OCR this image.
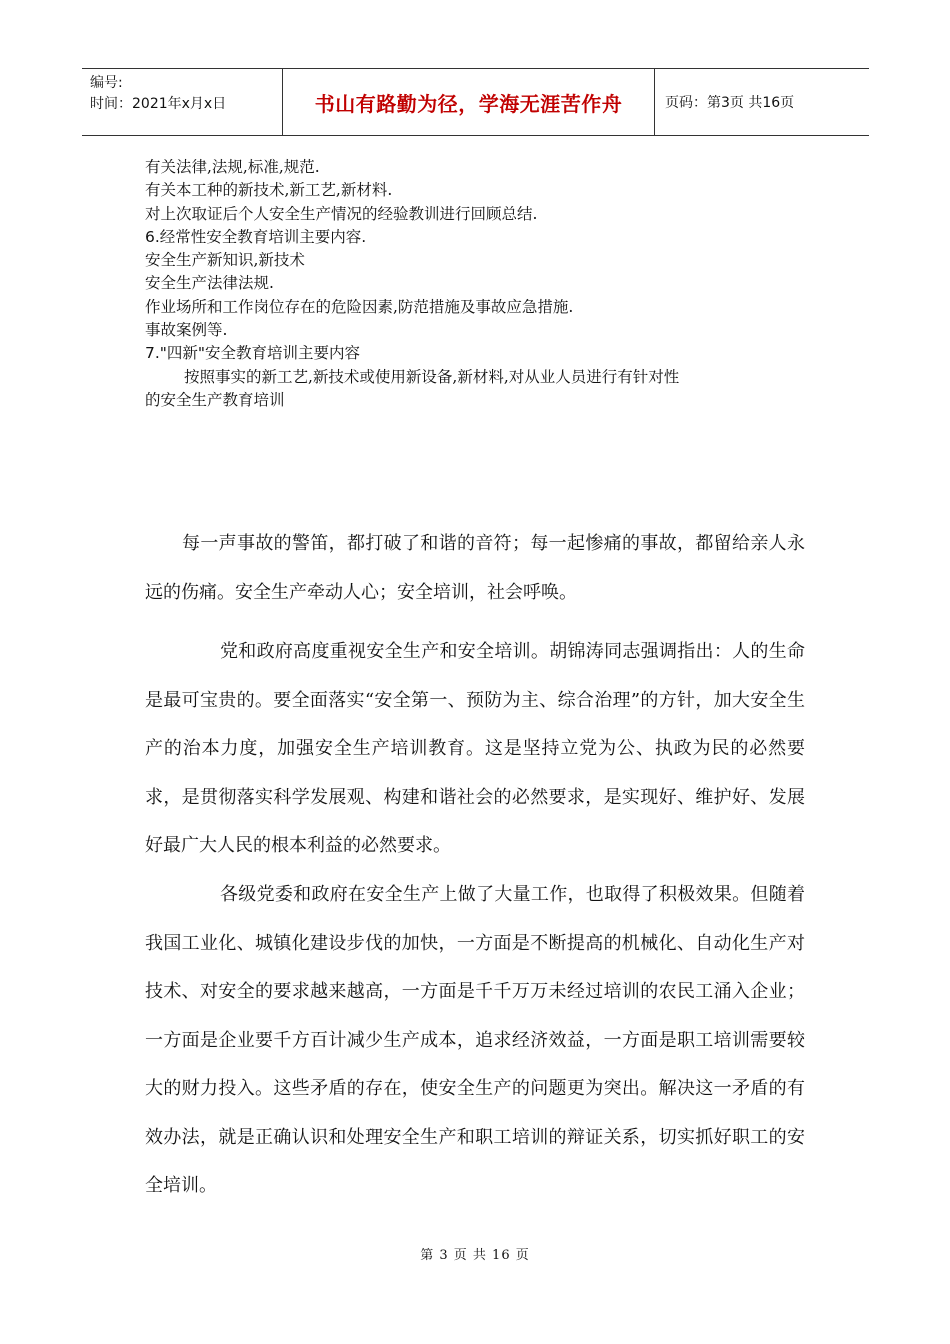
编号:
时间：2021年x月x日	书山有路勤为径，学海无涯苦作舟	页码：第3页 共16页
有关法律,法规,标准,规范.
有关本工种的新技术,新工艺,新材料.
对上次取证后个人安全生产情况的经验教训进行回顾总结.
6.经常性安全教育培训主要内容.
安全生产新知识,新技术
安全生产法律法规.
作业场所和工作岗位存在的危险因素,防范措施及事故应急措施.
事故案例等.
7."四新"安全教育培训主要内容
按照事实的新工艺,新技术或使用新设备,新材料,对从业人员进行有针对性
的安全生产教育培训

每一声事故的警笛，都打破了和谐的音符；每一起惨痛的事故，都留给亲人永远的伤痛。安全生产牵动人心；安全培训，社会呼唤。

党和政府高度重视安全生产和安全培训。胡锦涛同志强调指出：人的生命是最可宝贵的。要全面落实“安全第一、预防为主、综合治理”的方针，加大安全生产的治本力度，加强安全生产培训教育。这是坚持立党为公、执政为民的必然要求，是贯彻落实科学发展观、构建和谐社会的必然要求，是实现好、维护好、发展好最广大人民的根本利益的必然要求。

各级党委和政府在安全生产上做了大量工作，也取得了积极效果。但随着我国工业化、城镇化建设步伐的加快，一方面是不断提高的机械化、自动化生产对技术、对安全的要求越来越高，一方面是千千万万未经过培训的农民工涌入企业；一方面是企业要千方百计减少生产成本，追求经济效益，一方面是职工培训需要较大的财力投入。这些矛盾的存在，使安全生产的问题更为突出。解决这一矛盾的有效办法，就是正确认识和处理安全生产和职工培训的辩证关系，切实抓好职工的安全培训。

第 3 页 共 16 页
